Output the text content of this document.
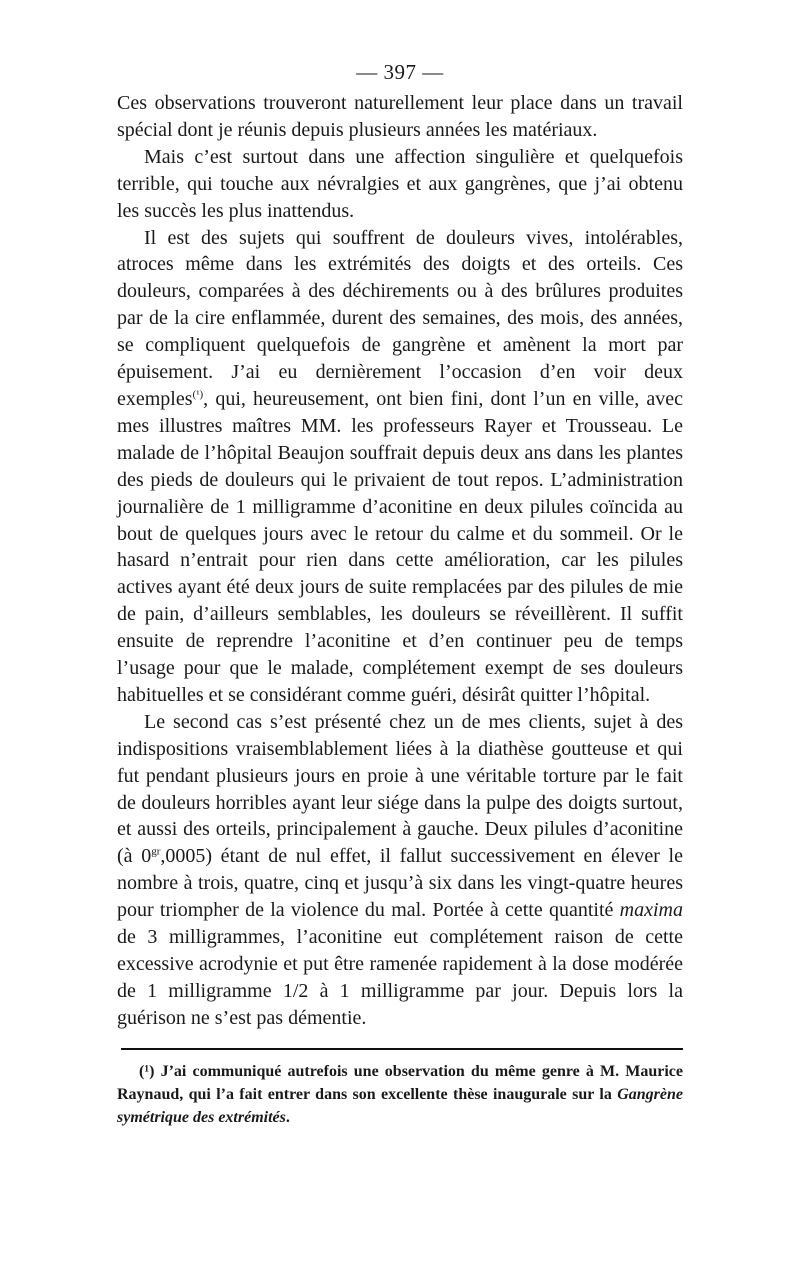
— 397 —

Ces observations trouveront naturellement leur place dans un travail spécial dont je réunis depuis plusieurs années les matériaux.

Mais c’est surtout dans une affection singulière et quelquefois terrible, qui touche aux névralgies et aux gangrènes, que j’ai obtenu les succès les plus inattendus.

Il est des sujets qui souffrent de douleurs vives, intolérables, atroces même dans les extrémités des doigts et des orteils. Ces douleurs, comparées à des déchirements ou à des brûlures produites par de la cire enflammée, durent des semaines, des mois, des années, se compliquent quelquefois de gangrène et amènent la mort par épuisement. J’ai eu dernièrement l’occasion d’en voir deux exemples$^{(^1)}$, qui, heureusement, ont bien fini, dont l’un en ville, avec mes illustres maîtres MM. les professeurs Rayer et Trousseau. Le malade de l’hôpital Beaujon souffrait depuis deux ans dans les plantes des pieds de douleurs qui le privaient de tout repos. L’administration journalière de 1 milligramme d’aconitine en deux pilules coïncida au bout de quelques jours avec le retour du calme et du sommeil. Or le hasard n’entrait pour rien dans cette amélioration, car les pilules actives ayant été deux jours de suite remplacées par des pilules de mie de pain, d’ailleurs semblables, les douleurs se réveillèrent. Il suffit ensuite de reprendre l’aconitine et d’en continuer peu de temps l’usage pour que le malade, complétement exempt de ses douleurs habituelles et se considérant comme guéri, désirât quitter l’hôpital.

Le second cas s’est présenté chez un de mes clients, sujet à des indispositions vraisemblablement liées à la diathèse goutteuse et qui fut pendant plusieurs jours en proie à une véritable torture par le fait de douleurs horribles ayant leur siége dans la pulpe des doigts surtout, et aussi des orteils, principalement à gauche. Deux pilules d’aconitine (à $0^{gr},0005$) étant de nul effet, il fallut successivement en élever le nombre à trois, quatre, cinq et jusqu’à six dans les vingt-quatre heures pour triompher de la violence du mal. Portée à cette quantité maxima de 3 milligrammes, l’aconitine eut complétement raison de cette excessive acrodynie et put être ramenée rapidement à la dose modérée de 1 milligramme 1/2 à 1 milligramme par jour. Depuis lors la guérison ne s’est pas démentie.

(¹) J’ai communiqué autrefois une observation du même genre à M. Maurice Raynaud, qui l’a fait entrer dans son excellente thèse inaugurale sur la Gangrène symétrique des extrémités.
